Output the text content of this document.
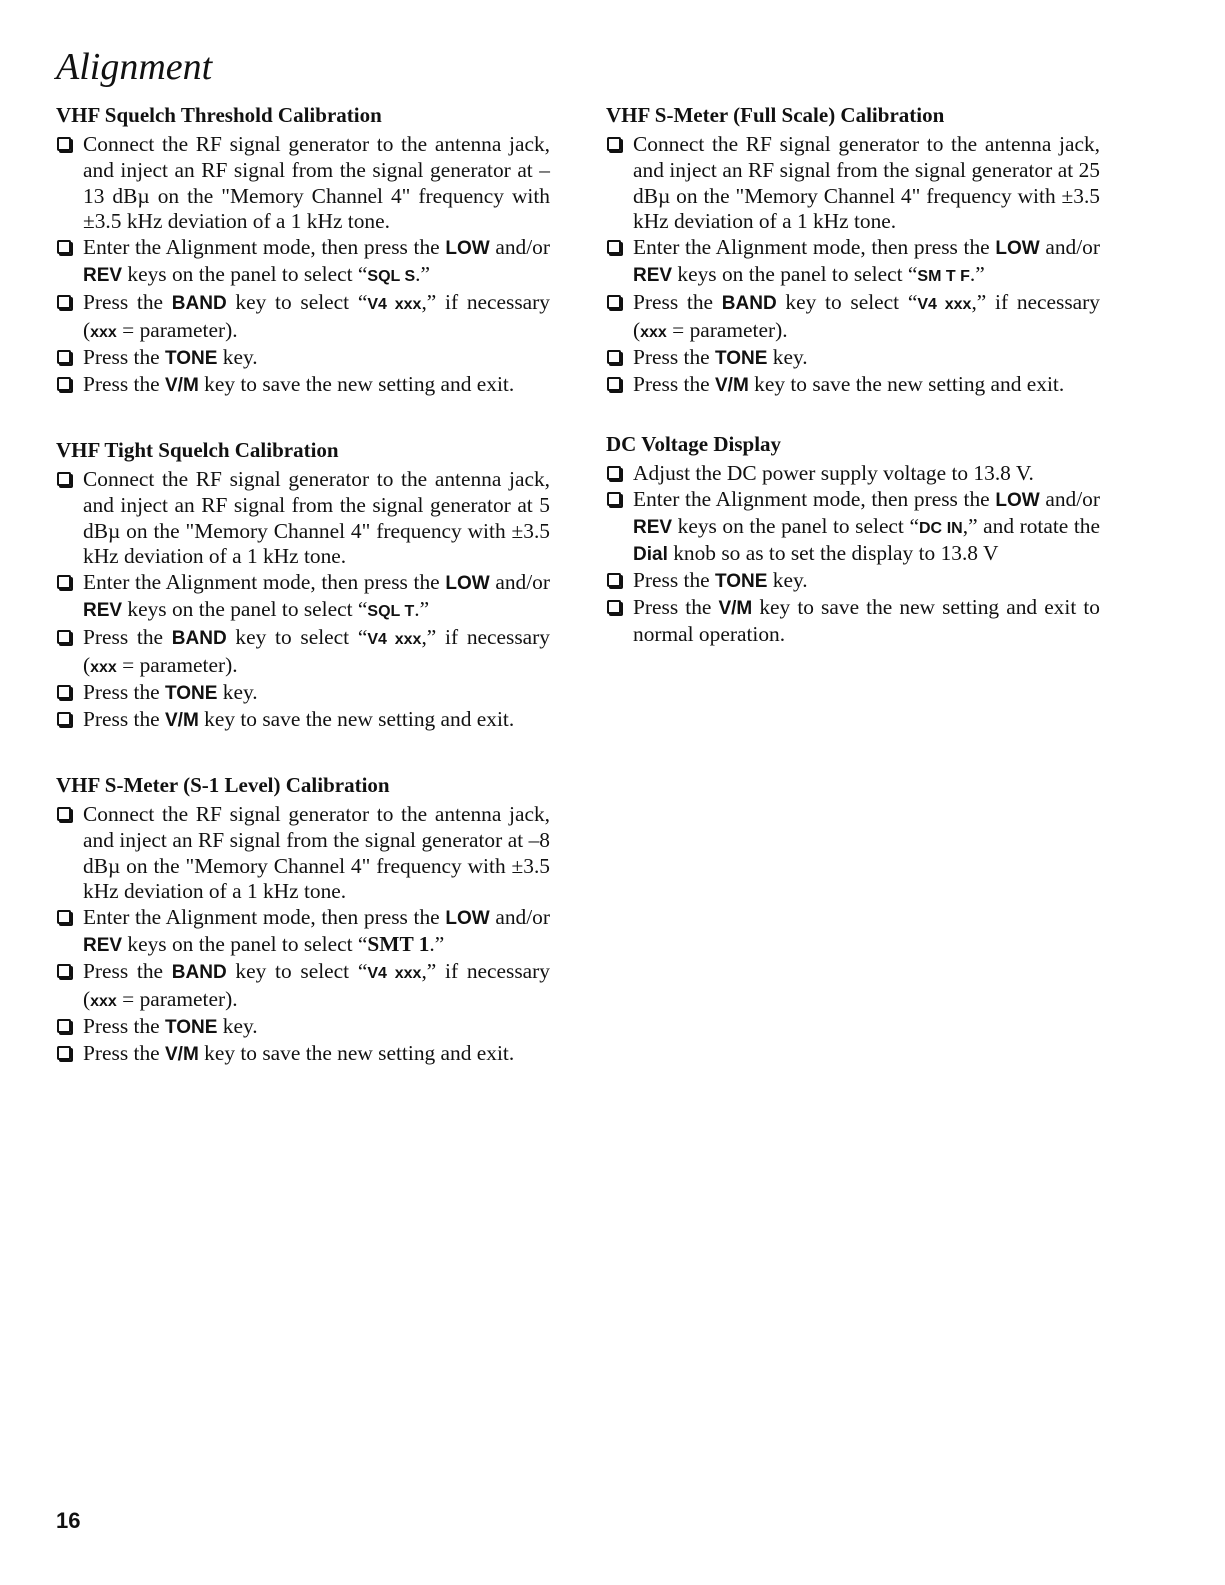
Alignment
VHF Squelch Threshold Calibration
Connect the RF signal generator to the antenna jack, and inject an RF signal from the signal generator at –13 dBµ on the "Memory Channel 4" frequency with ±3.5 kHz deviation of a 1 kHz tone.
Enter the Alignment mode, then press the LOW and/or REV keys on the panel to select “SQL S.”
Press the BAND key to select “V4 xxx,” if necessary (xxx = parameter).
Press the TONE key.
Press the V/M key to save the new setting and exit.
VHF Tight Squelch Calibration
Connect the RF signal generator to the antenna jack, and inject an RF signal from the signal generator at 5 dBµ on the "Memory Channel 4" frequency with ±3.5 kHz deviation of a 1 kHz tone.
Enter the Alignment mode, then press the LOW and/or REV keys on the panel to select “SQL T.”
Press the BAND key to select “V4 xxx,” if necessary (xxx = parameter).
Press the TONE key.
Press the V/M key to save the new setting and exit.
VHF S-Meter (S-1 Level) Calibration
Connect the RF signal generator to the antenna jack, and inject an RF signal from the signal generator at –8 dBµ on the "Memory Channel 4" frequency with ±3.5 kHz deviation of a 1 kHz tone.
Enter the Alignment mode, then press the LOW and/or REV keys on the panel to select “SMT 1.”
Press the BAND key to select “V4 xxx,” if necessary (xxx = parameter).
Press the TONE key.
Press the V/M key to save the new setting and exit.
VHF S-Meter (Full Scale) Calibration
Connect the RF signal generator to the antenna jack, and inject an RF signal from the signal generator at 25 dBµ on the "Memory Channel 4" frequency with ±3.5 kHz deviation of a 1 kHz tone.
Enter the Alignment mode, then press the LOW and/or REV keys on the panel to select “SM T F.”
Press the BAND key to select “V4 xxx,” if necessary (xxx = parameter).
Press the TONE key.
Press the V/M key to save the new setting and exit.
DC Voltage Display
Adjust the DC power supply voltage to 13.8 V.
Enter the Alignment mode, then press the LOW and/or REV keys on the panel to select “DC IN,” and rotate the Dial knob so as to set the display to 13.8 V
Press the TONE key.
Press the V/M key to save the new setting and exit to normal operation.
16
